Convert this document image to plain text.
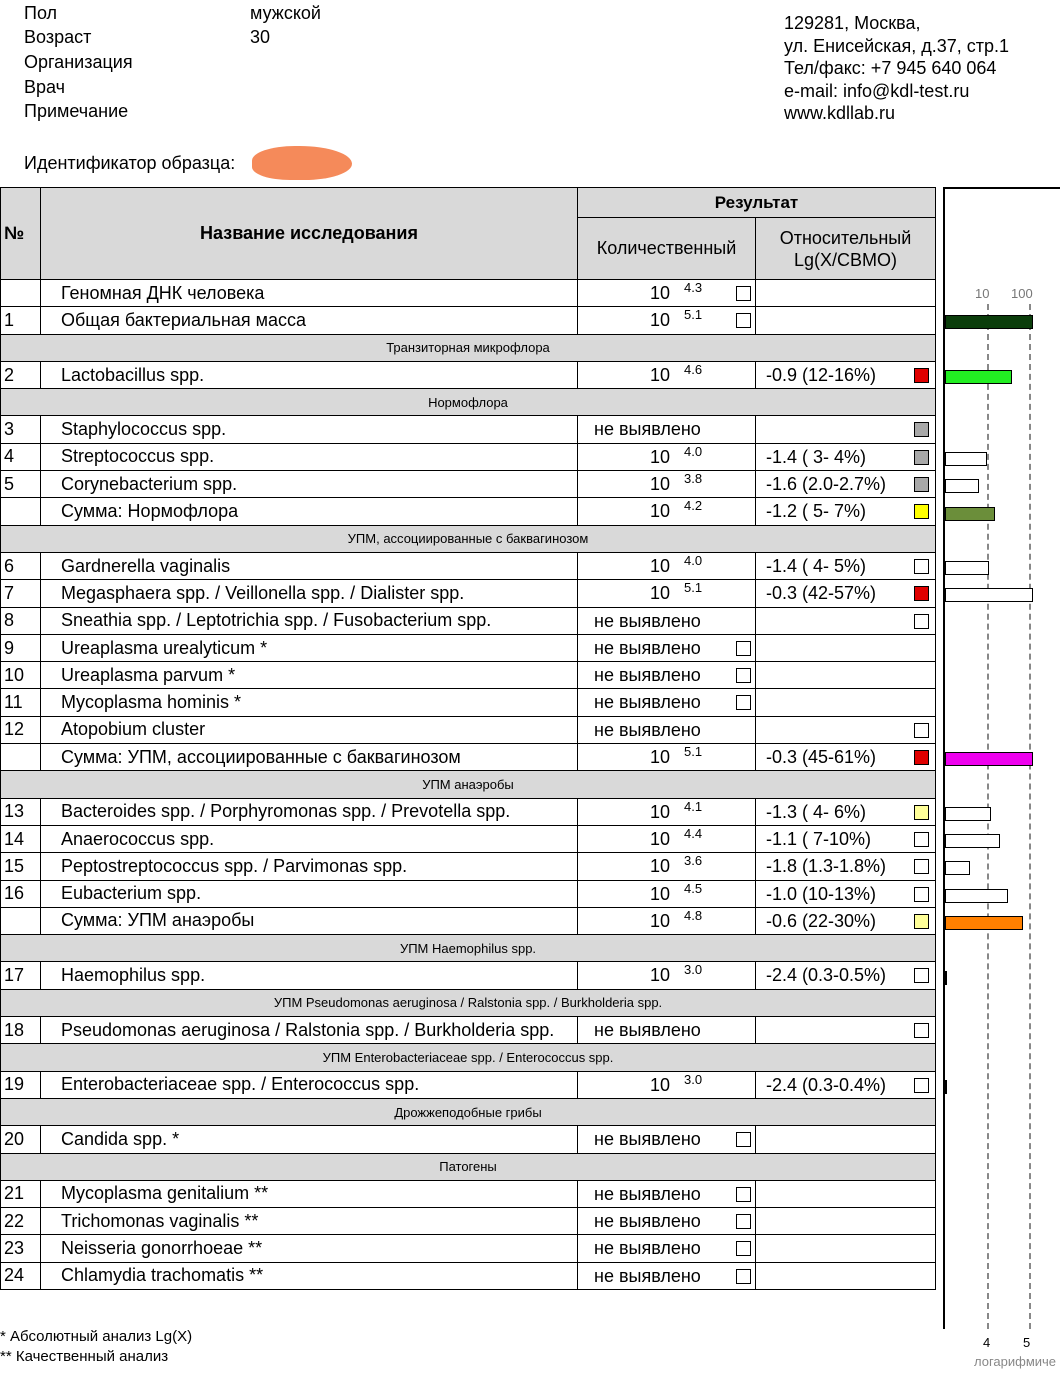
Пол	мужской
Возраст	30
Организация
Врач
Примечание
Идентификатор образца:
129281, Москва,
ул. Енисейская, д.37, стр.1
Тел/факс: +7 945 640 064
e-mail: info@kdl-test.ru
www.kdllab.ru
№	Название исследования	Результат	
		Количественный	Относительный Lg(X/СВМО)
	Геномная ДНК человека	10 4.3	

1	Общая бактериальная масса	10 5.1	

Транзиторная микрофлора			
2	Lactobacillus spp.	10 4.6	-0.9 (12-16%)

Нормофлора			
3	Staphylococcus spp.	не выявлено	

4	Streptococcus spp.	10 4.0	-1.4 ( 3- 4%)

5	Corynebacterium spp.	10 3.8	-1.6 (2.0-2.7%)

	Сумма: Нормофлора	10 4.2	-1.2 ( 5- 7%)

УПМ, ассоциированные с баквагинозом			
6	Gardnerella vaginalis	10 4.0	-1.4 ( 4- 5%)

7	Megasphaera spp. / Veillonella spp. / Dialister spp.	10 5.1	-0.3 (42-57%)

8	Sneathia spp. / Leptotrichia spp. / Fusobacterium spp.	не выявлено	

9	Ureaplasma urealyticum *	не выявлено	

10	Ureaplasma parvum *	не выявлено	

11	Mycoplasma hominis *	не выявлено	

12	Atopobium cluster	не выявлено	

	Сумма: УПМ, ассоциированные с баквагинозом	10 5.1	-0.3 (45-61%)

УПМ анаэробы			
13	Bacteroides spp. / Porphyromonas spp. / Prevotella spp.	10 4.1	-1.3 ( 4- 6%)

14	Anaerococcus spp.	10 4.4	-1.1 ( 7-10%)

15	Peptostreptococcus spp. / Parvimonas spp.	10 3.6	-1.8 (1.3-1.8%)

16	Eubacterium spp.	10 4.5	-1.0 (10-13%)

	Сумма: УПМ анаэробы	10 4.8	-0.6 (22-30%)

УПМ Haemophilus spp.			
17	Haemophilus spp.	10 3.0	-2.4 (0.3-0.5%)

УПМ Pseudomonas aeruginosa / Ralstonia spp. / Burkholderia spp.			
18	Pseudomonas aeruginosa / Ralstonia spp. / Burkholderia spp.	не выявлено	

УПМ Enterobacteriaceae spp. / Enterococcus spp.			
19	Enterobacteriaceae spp. / Enterococcus spp.	10 3.0	-2.4 (0.3-0.4%)

Дрожжеподобные грибы			
20	Candida spp. *	не выявлено	

Патогены			
21	Mycoplasma genitalium **	не выявлено	

22	Trichomonas vaginalis **	не выявлено	

23	Neisseria gonorrhoeae **	не выявлено	

24	Chlamydia trachomatis **	не выявлено	

10 100
4	5
логарифмиче
* Абсолютный анализ Lg(X)
** Качественный анализ
